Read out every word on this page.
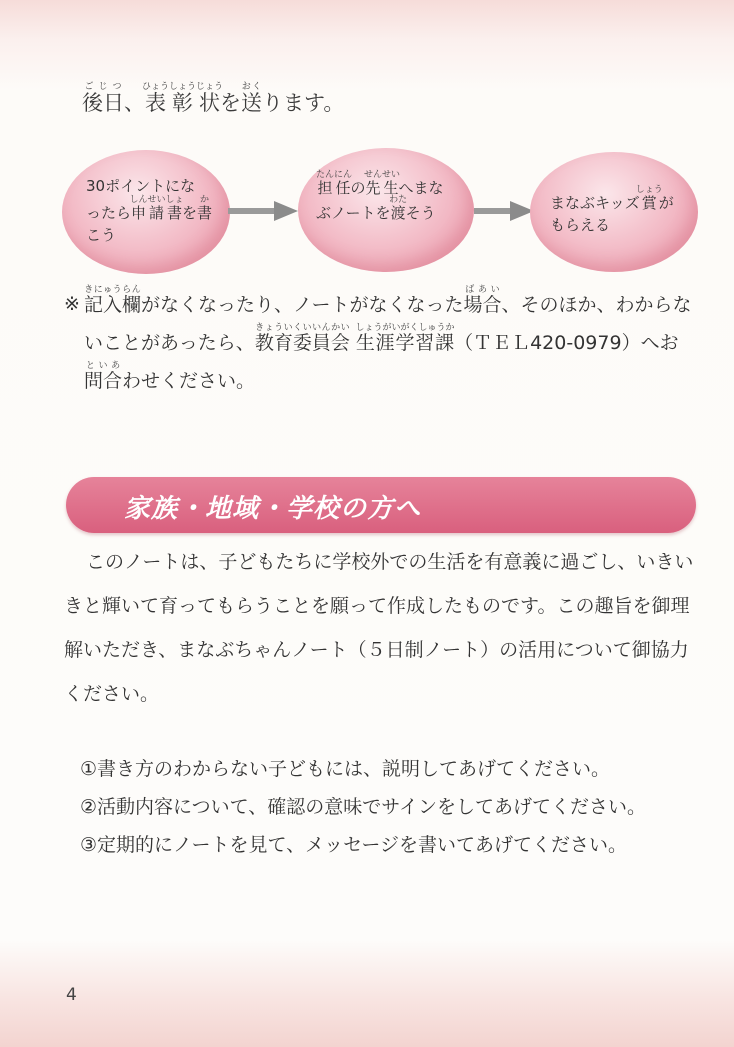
後日ごじつ、表彰状ひょうしょうじょうを送おくります。
30ポイントにな
ったら申請書しんせいしょを書か
こう
担任たんにんの先生せんせいへまな
ぶノートを渡わたそう
まなぶキッズ賞しょうが
もらえる
※ 記入欄きにゅうらんがなくなったり、ノートがなくなった場合ばあい、そのほか、わからないことがあったら、教育委員会きょういくいいんかい 生涯学習課しょうがいがくしゅうか（ＴＥＬ420-0979）へお問合といあわせください。
家族・地域・学校の方へ
このノートは、子どもたちに学校外での生活を有意義に過ごし、いきいきと輝いて育ってもらうことを願って作成したものです。この趣旨を御理解いただき、まなぶちゃんノート（５日制ノート）の活用について御協力ください。
①書き方のわからない子どもには、説明してあげてください。
②活動内容について、確認の意味でサインをしてあげてください。
③定期的にノートを見て、メッセージを書いてあげてください。
4
